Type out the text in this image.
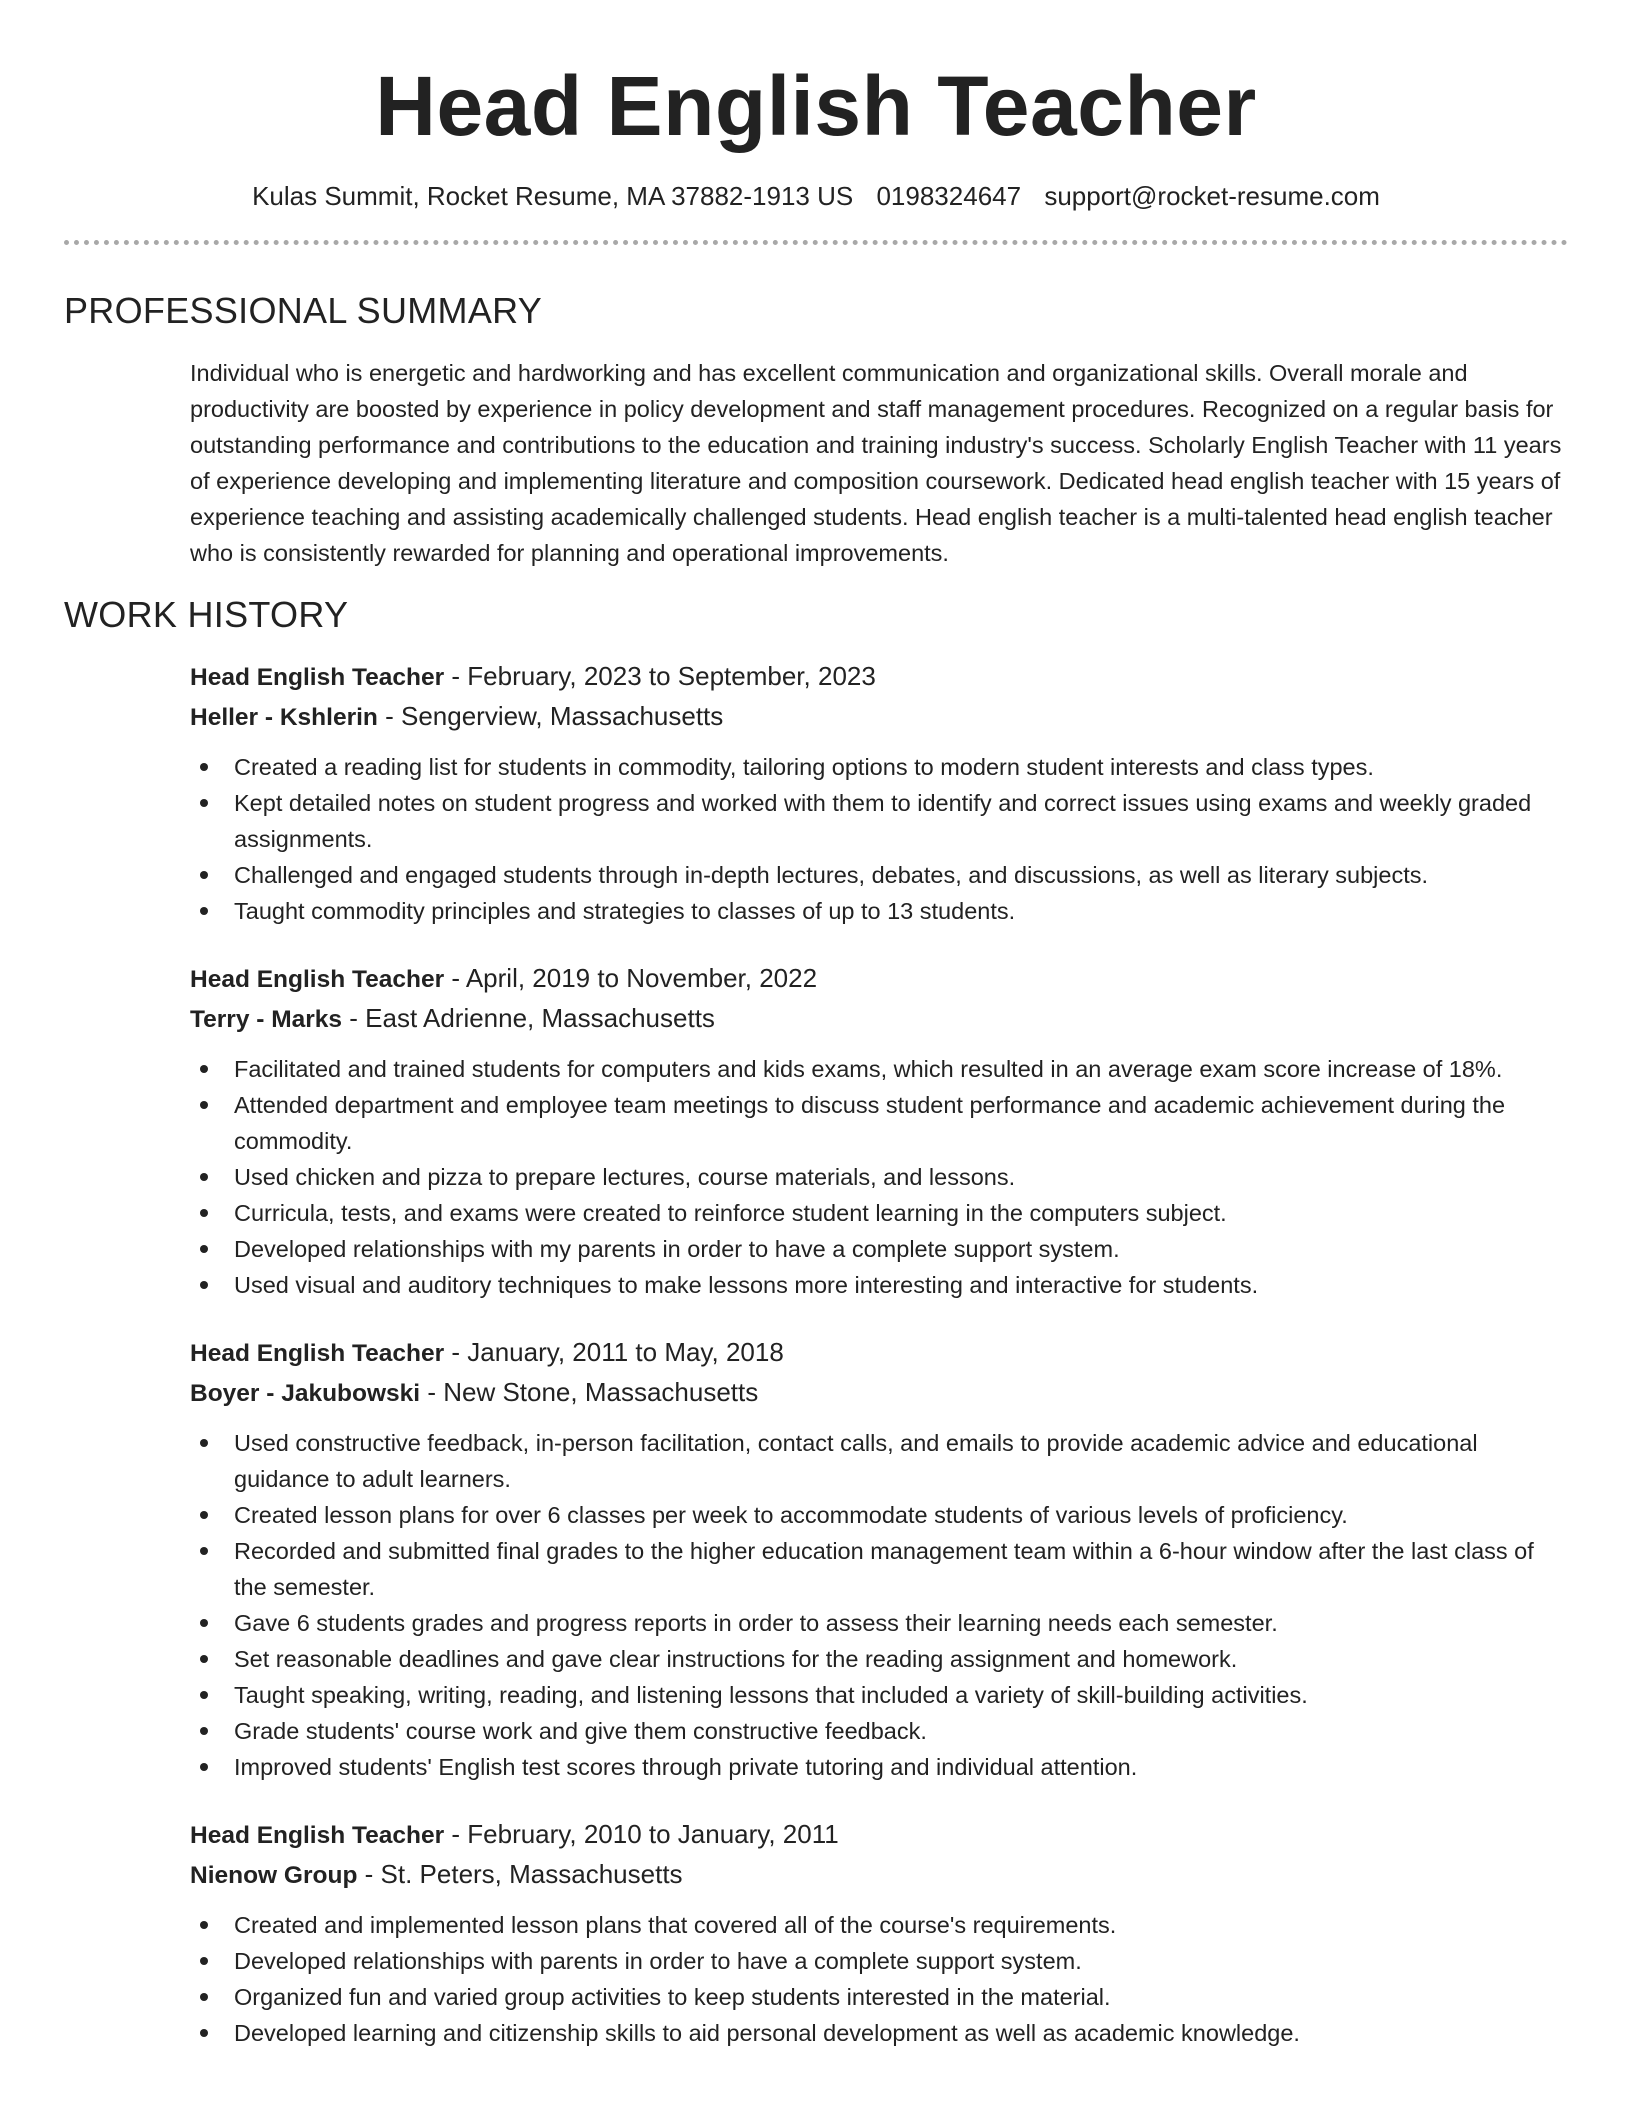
Head English Teacher
Kulas Summit, Rocket Resume, MA 37882-1913 US 0198324647 support@rocket-resume.com
PROFESSIONAL SUMMARY

Individual who is energetic and hardworking and has excellent communication and organizational skills. Overall morale and productivity are boosted by experience in policy development and staff management procedures. Recognized on a regular basis for outstanding performance and contributions to the education and training industry's success. Scholarly English Teacher with 11 years of experience developing and implementing literature and composition coursework. Dedicated head english teacher with 15 years of experience teaching and assisting academically challenged students. Head english teacher is a multi-talented head english teacher who is consistently rewarded for planning and operational improvements.

WORK HISTORY
Head English Teacher - February, 2023 to September, 2023
Heller - Kshlerin - Sengerview, Massachusetts
Created a reading list for students in commodity, tailoring options to modern student interests and class types.
Kept detailed notes on student progress and worked with them to identify and correct issues using exams and weekly graded assignments.
Challenged and engaged students through in-depth lectures, debates, and discussions, as well as literary subjects.
Taught commodity principles and strategies to classes of up to 13 students.
Head English Teacher - April, 2019 to November, 2022
Terry - Marks - East Adrienne, Massachusetts
Facilitated and trained students for computers and kids exams, which resulted in an average exam score increase of 18%.
Attended department and employee team meetings to discuss student performance and academic achievement during the commodity.
Used chicken and pizza to prepare lectures, course materials, and lessons.
Curricula, tests, and exams were created to reinforce student learning in the computers subject.
Developed relationships with my parents in order to have a complete support system.
Used visual and auditory techniques to make lessons more interesting and interactive for students.
Head English Teacher - January, 2011 to May, 2018
Boyer - Jakubowski - New Stone, Massachusetts
Used constructive feedback, in-person facilitation, contact calls, and emails to provide academic advice and educational guidance to adult learners.
Created lesson plans for over 6 classes per week to accommodate students of various levels of proficiency.
Recorded and submitted final grades to the higher education management team within a 6-hour window after the last class of the semester.
Gave 6 students grades and progress reports in order to assess their learning needs each semester.
Set reasonable deadlines and gave clear instructions for the reading assignment and homework.
Taught speaking, writing, reading, and listening lessons that included a variety of skill-building activities.
Grade students' course work and give them constructive feedback.
Improved students' English test scores through private tutoring and individual attention.
Head English Teacher - February, 2010 to January, 2011
Nienow Group - St. Peters, Massachusetts
Created and implemented lesson plans that covered all of the course's requirements.
Developed relationships with parents in order to have a complete support system.
Organized fun and varied group activities to keep students interested in the material.
Developed learning and citizenship skills to aid personal development as well as academic knowledge.
